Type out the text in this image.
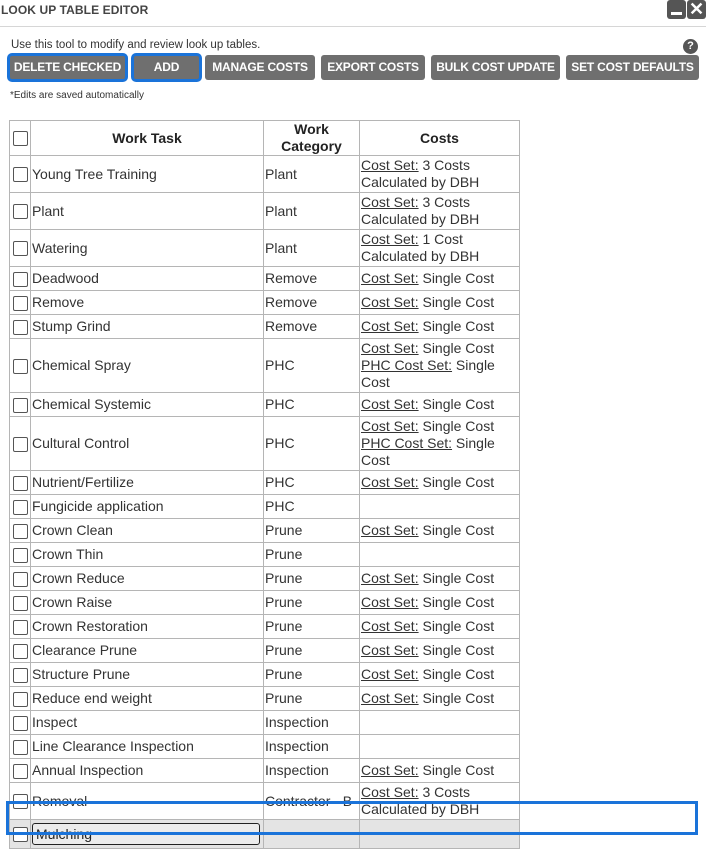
LOOK UP TABLE EDITOR	✕
Use this tool to modify and review look up tables.	?
DELETE CHECKED	ADD	MANAGE COSTS	EXPORT COSTS	BULK COST UPDATE	SET COST DEFAULTS
*Edits are saved automatically
	Work Task	Work Category	Costs
	Young Tree Training	Plant	Cost Set: 3 Costs Calculated by DBH
	Plant	Plant	Cost Set: 3 Costs Calculated by DBH
	Watering	Plant	Cost Set: 1 Cost Calculated by DBH
	Deadwood	Remove	Cost Set: Single Cost
	Remove	Remove	Cost Set: Single Cost
	Stump Grind	Remove	Cost Set: Single Cost
	Chemical Spray	PHC	Cost Set: Single Cost
PHC Cost Set: Single Cost
	Chemical Systemic	PHC	Cost Set: Single Cost
	Cultural Control	PHC	Cost Set: Single Cost
PHC Cost Set: Single Cost
	Nutrient/Fertilize	PHC	Cost Set: Single Cost
	Fungicide application	PHC	
	Crown Clean	Prune	Cost Set: Single Cost
	Crown Thin	Prune	
	Crown Reduce	Prune	Cost Set: Single Cost
	Crown Raise	Prune	Cost Set: Single Cost
	Crown Restoration	Prune	Cost Set: Single Cost
	Clearance Prune	Prune	Cost Set: Single Cost
	Structure Prune	Prune	Cost Set: Single Cost
	Reduce end weight	Prune	Cost Set: Single Cost
	Inspect	Inspection	
	Line Clearance Inspection	Inspection	
	Annual Inspection	Inspection	Cost Set: Single Cost
	Removal	Contractor - B	Cost Set: 3 Costs Calculated by DBH
	Mulching		
